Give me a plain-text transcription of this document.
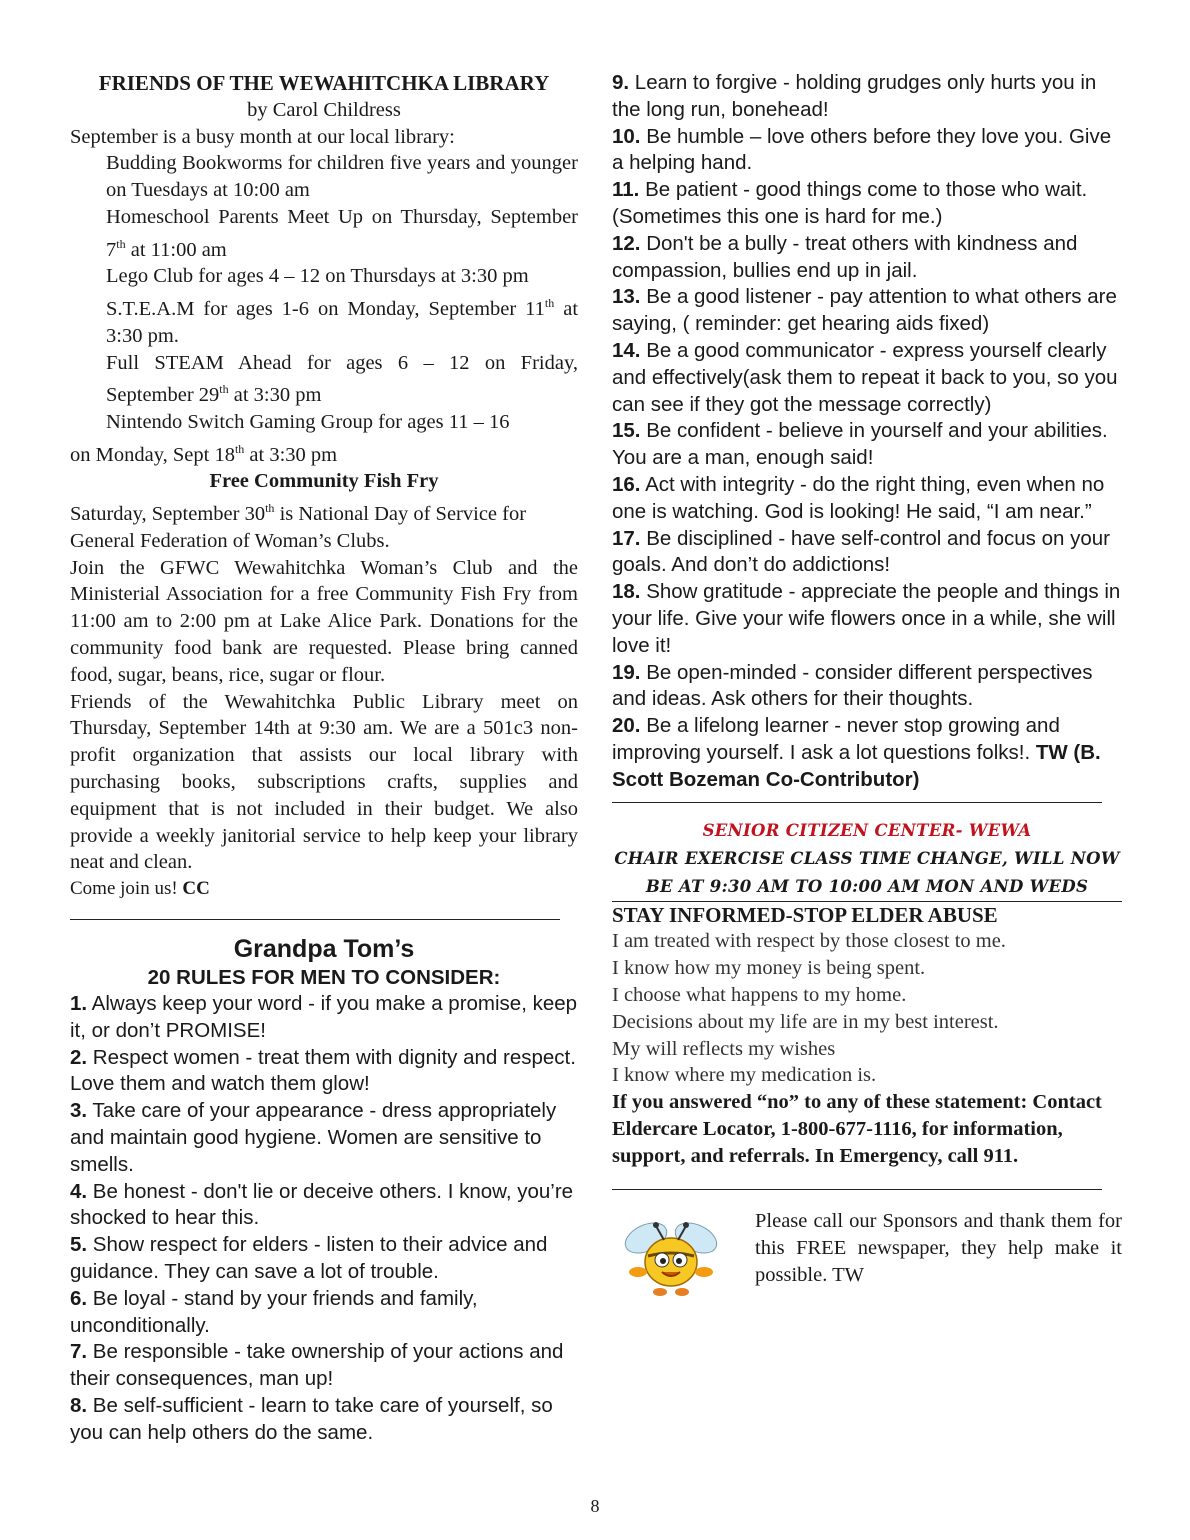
FRIENDS OF THE WEWAHITCHKA LIBRARY

by Carol Childress

September is a busy month at our local library:

Budding Bookworms for children five years and younger on Tuesdays at 10:00 am

Homeschool Parents Meet Up on Thursday, September 7th at 11:00 am

Lego Club for ages 4 – 12 on Thursdays at 3:30 pm

S.T.E.A.M for ages 1-6 on Monday, September 11th at 3:30 pm.

Full STEAM Ahead for ages 6 – 12 on Friday, September 29th at 3:30 pm

Nintendo Switch Gaming Group for ages 11 – 16
on Monday, Sept 18th at 3:30 pm

Free Community Fish Fry

Saturday, September 30th is National Day of Service for General Federation of Woman’s Clubs.

Join the GFWC Wewahitchka Woman’s Club and the Ministerial Association for a free Community Fish Fry from 11:00 am to 2:00 pm at Lake Alice Park. Donations for the community food bank are requested. Please bring canned food, sugar, beans, rice, sugar or flour.

Friends of the Wewahitchka Public Library meet on Thursday, September 14th at 9:30 am. We are a 501c3 non-profit organization that assists our local library with purchasing books, subscriptions crafts, supplies and equipment that is not included in their budget. We also provide a weekly janitorial service to help keep your library neat and clean.

Come join us! CC

Grandpa Tom’s

20 RULES FOR MEN TO CONSIDER:

1. Always keep your word - if you make a promise, keep it, or don’t PROMISE!

2. Respect women - treat them with dignity and respect. Love them and watch them glow!

3. Take care of your appearance - dress appropriately and maintain good hygiene. Women are sensitive to smells.

4. Be honest - don't lie or deceive others. I know, you’re shocked to hear this.

5. Show respect for elders - listen to their advice and guidance. They can save a lot of trouble.

6. Be loyal - stand by your friends and family, unconditionally.

7. Be responsible - take ownership of your actions and their consequences, man up!

8. Be self-sufficient - learn to take care of yourself, so you can help others do the same.

9. Learn to forgive - holding grudges only hurts you in the long run, bonehead!

10. Be humble – love others before they love you. Give a helping hand.

11. Be patient - good things come to those who wait. (Sometimes this one is hard for me.)

12. Don't be a bully - treat others with kindness and compassion, bullies end up in jail.

13. Be a good listener - pay attention to what others are saying, ( reminder: get hearing aids fixed)

14. Be a good communicator - express yourself clearly and effectively(ask them to repeat it back to you, so you can see if they got the message correctly)

15. Be confident - believe in yourself and your abilities. You are a man, enough said!

16. Act with integrity - do the right thing, even when no one is watching. God is looking! He said, “I am near.”

17. Be disciplined - have self-control and focus on your goals. And don’t do addictions!

18. Show gratitude - appreciate the people and things in your life. Give your wife flowers once in a while, she will love it!

19. Be open-minded - consider different perspectives and ideas. Ask others for their thoughts.

20. Be a lifelong learner - never stop growing and improving yourself. I ask a lot questions folks!. TW (B. Scott Bozeman Co-Contributor)

SENIOR CITIZEN CENTER- WEWA

CHAIR EXERCISE CLASS TIME CHANGE, WILL NOW

BE AT 9:30 AM TO 10:00 AM MON AND WEDS

STAY INFORMED-STOP ELDER ABUSE

I am treated with respect by those closest to me.

I know how my money is being spent.

I choose what happens to my home.

Decisions about my life are in my best interest.

My will reflects my wishes

I know where my medication is.

If you answered “no” to any of these statement: Contact Eldercare Locator, 1-800-677-1116, for information, support, and referrals. In Emergency, call 911.

Please call our Sponsors and thank them for this FREE newspaper, they help make it possible. TW

8
